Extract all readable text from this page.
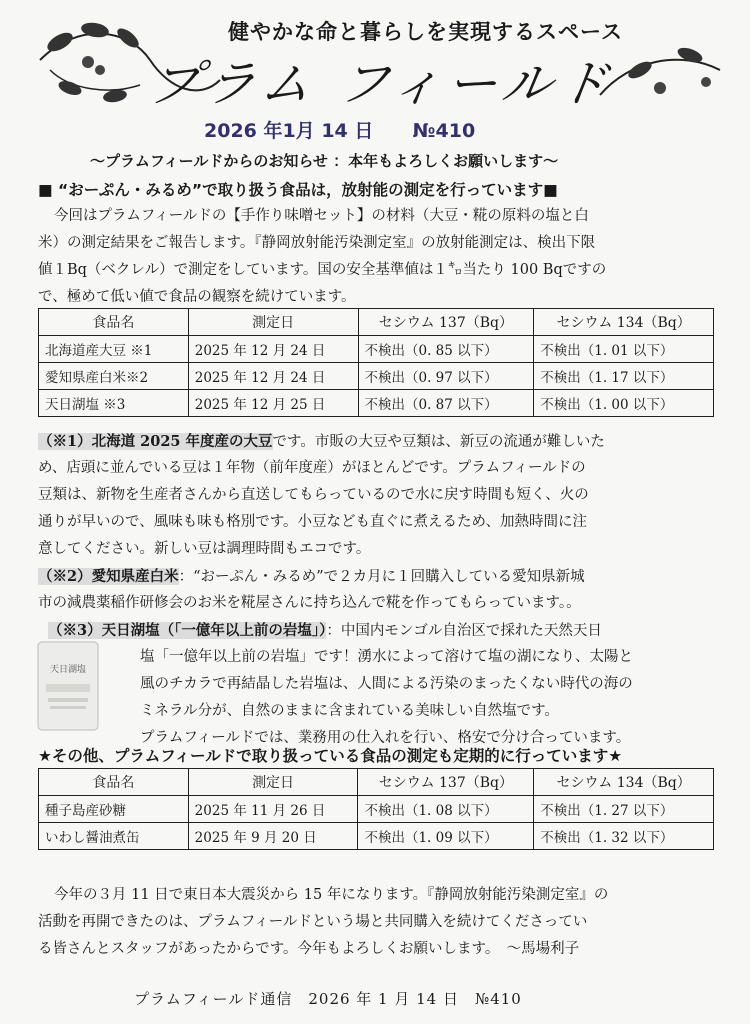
健やかな命と暮らしを実現するスペース
プラム フィールド
2026 年1月 14 日 №410
〜プラムフィールドからのお知らせ ：本年もよろしくお願いします〜
■ “おーぷん・みるめ”で取り扱う食品は，放射能の測定を行っています■
今回はプラムフィールドの【手作り味噌セット】の材料（大豆・糀の原料の塩と白
米）の測定結果をご報告します。『静岡放射能汚染測定室』の放射能測定は、検出下限
値１Bq（ベクレル）で測定をしています。国の安全基準値は１㌔当たり 100 Bqですの
で、極めて低い値で食品の観察を続けています。
食品名	測定日	セシウム 137（Bq）	セシウム 134（Bq）
北海道産大豆 ※1	2025 年 12 月 24 日	不検出（0. 85 以下）	不検出（1. 01 以下）
愛知県産白米※2	2025 年 12 月 24 日	不検出（0. 97 以下）	不検出（1. 17 以下）
天日湖塩 ※3	2025 年 12 月 25 日	不検出（0. 87 以下）	不検出（1. 00 以下）
（※1）北海道 2025 年度産の大豆です。市販の大豆や豆類は、新豆の流通が難しいた
め、店頭に並んでいる豆は１年物（前年度産）がほとんどです。プラムフィールドの
豆類は、新物を生産者さんから直送してもらっているので水に戻す時間も短く、火の
通りが早いので、風味も味も格別です。小豆なども直ぐに煮えるため、加熱時間に注
意してください。新しい豆は調理時間もエコです。
（※2）愛知県産白米：“おーぷん・みるめ”で２カ月に１回購入している愛知県新城
市の減農薬稲作研修会のお米を糀屋さんに持ち込んで糀を作ってもらっています。。
（※3）天日湖塩（「一億年以上前の岩塩」）：中国内モンゴル自治区で採れた天然天日
天日湖塩
塩「一億年以上前の岩塩」です！湧水によって溶けて塩の湖になり、太陽と
風のチカラで再結晶した岩塩は、人間による汚染のまったくない時代の海の
ミネラル分が、自然のままに含まれている美味しい自然塩です。
プラムフィールドでは、業務用の仕入れを行い、格安で分け合っています。
★その他、プラムフィールドで取り扱っている食品の測定も定期的に行っています★
食品名	測定日	セシウム 137（Bq）	セシウム 134（Bq）
種子島産砂糖	2025 年 11 月 26 日	不検出（1. 08 以下）	不検出（1. 27 以下）
いわし醤油煮缶	2025 年 9 月 20 日	不検出（1. 09 以下）	不検出（1. 32 以下）
今年の３月 11 日で東日本大震災から 15 年になります。『静岡放射能汚染測定室』の
活動を再開できたのは、プラムフィールドという場と共同購入を続けてくださってい
る皆さんとスタッフがあったからです。今年もよろしくお願いします。　〜馬場利子
プラムフィールド通信　2026 年 1 月 14 日　№410
